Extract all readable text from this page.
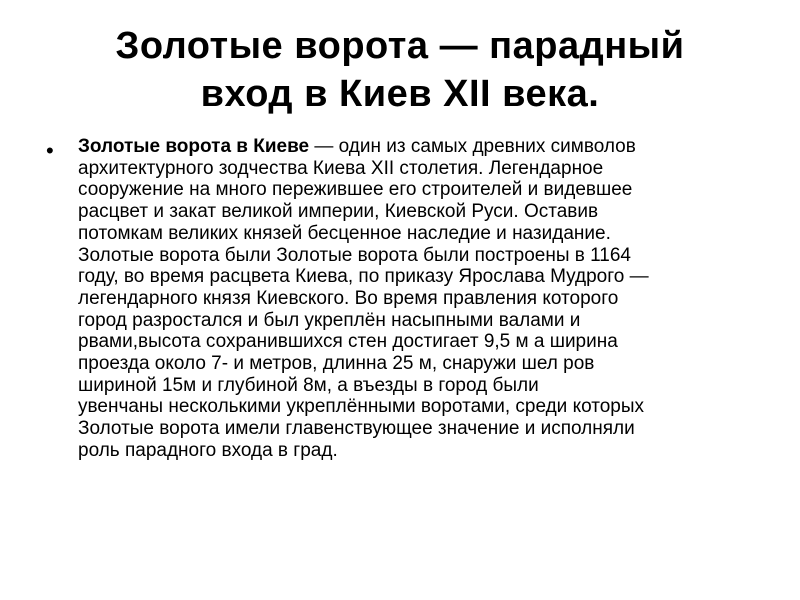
Золотые ворота — парадный
вход в Киев XII века.
• Золотые ворота в Киеве — один из самых древних символов
архитектурного зодчества Киева XII столетия. Легендарное
сооружение на много пережившее его строителей и видевшее
расцвет и закат великой империи, Киевской Руси. Оставив
потомкам великих князей бесценное наследие и назидание.
Золотые ворота были Золотые ворота были построены в 1164
году, во время расцвета Киева, по приказу Ярослава Мудрого —
легендарного князя Киевского. Во время правления которого
город разростался и был укреплён насыпными валами и
рвами,высота сохранившихся стен достигает 9,5 м а ширина
проезда около 7- и метров, длинна 25 м, снаружи шел ров
шириной 15м и глубиной 8м, а въезды в город были
увенчаны несколькими укреплёнными воротами, среди которых
Золотые ворота имели главенствующее значение и исполняли
роль парадного входа в град.
